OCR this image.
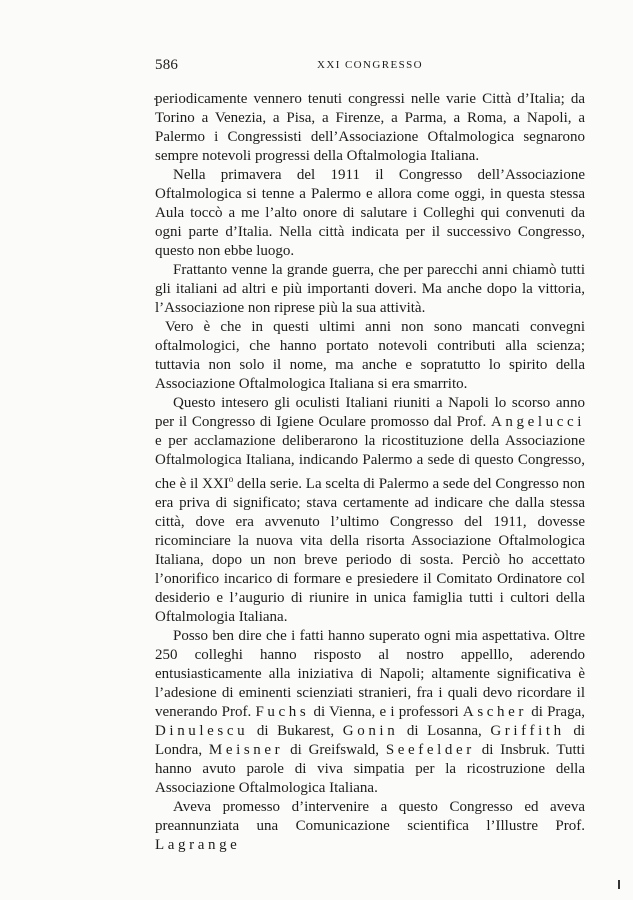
586	XXI CONGRESSO

periodicamente vennero tenuti congressi nelle varie Città d’Italia; da Torino a Venezia, a Pisa, a Firenze, a Parma, a Roma, a Napoli, a Palermo i Congressisti dell’Associazione Oftalmologica segnarono sempre notevoli progressi della Oftalmologia Italiana.

Nella primavera del 1911 il Congresso dell’Associazione Oftalmologica si tenne a Palermo e allora come oggi, in questa stessa Aula toccò a me l’alto onore di salutare i Colleghi qui convenuti da ogni parte d’Italia. Nella città indicata per il successivo Congresso, questo non ebbe luogo.

Frattanto venne la grande guerra, che per parecchi anni chiamò tutti gli italiani ad altri e più importanti doveri. Ma anche dopo la vittoria, l’Associazione non riprese più la sua attività.

Vero è che in questi ultimi anni non sono mancati convegni oftalmologici, che hanno portato notevoli contributi alla scienza; tuttavia non solo il nome, ma anche e sopratutto lo spirito della Associazione Oftalmologica Italiana si era smarrito.

Questo intesero gli oculisti Italiani riuniti a Napoli lo scorso anno per il Congresso di Igiene Oculare promosso dal Prof. Angelucci e per acclamazione deliberarono la ricostituzione della Associazione Oftalmologica Italiana, indicando Palermo a sede di questo Congresso, che è il XXI$^o$ della serie. La scelta di Palermo a sede del Congresso non era priva di significato; stava certamente ad indicare che dalla stessa città, dove era avvenuto l’ultimo Congresso del 1911, dovesse ricominciare la nuova vita della risorta Associazione Oftalmologica Italiana, dopo un non breve periodo di sosta. Perciò ho accettato l’onorifico incarico di formare e presiedere il Comitato Ordinatore col desiderio e l’augurio di riunire in unica famiglia tutti i cultori della Oftalmologia Italiana.

Posso ben dire che i fatti hanno superato ogni mia aspettativa. Oltre 250 colleghi hanno risposto al nostro appelllo, aderendo entusiasticamente alla iniziativa di Napoli; altamente significativa è l’adesione di eminenti scienziati stranieri, fra i quali devo ricordare il venerando Prof. Fuchs di Vienna, e i professori Ascher di Praga, Dinulescu di Bukarest, Gonin di Losanna, Griffith di Londra, Meisner di Greifswald, Seefelder di Insbruk. Tutti hanno avuto parole di viva simpatia per la ricostruzione della Associazione Oftalmologica Italiana.

Aveva promesso d’intervenire a questo Congresso ed aveva preannunziata una Comunicazione scientifica l’Illustre Prof. Lagrange
